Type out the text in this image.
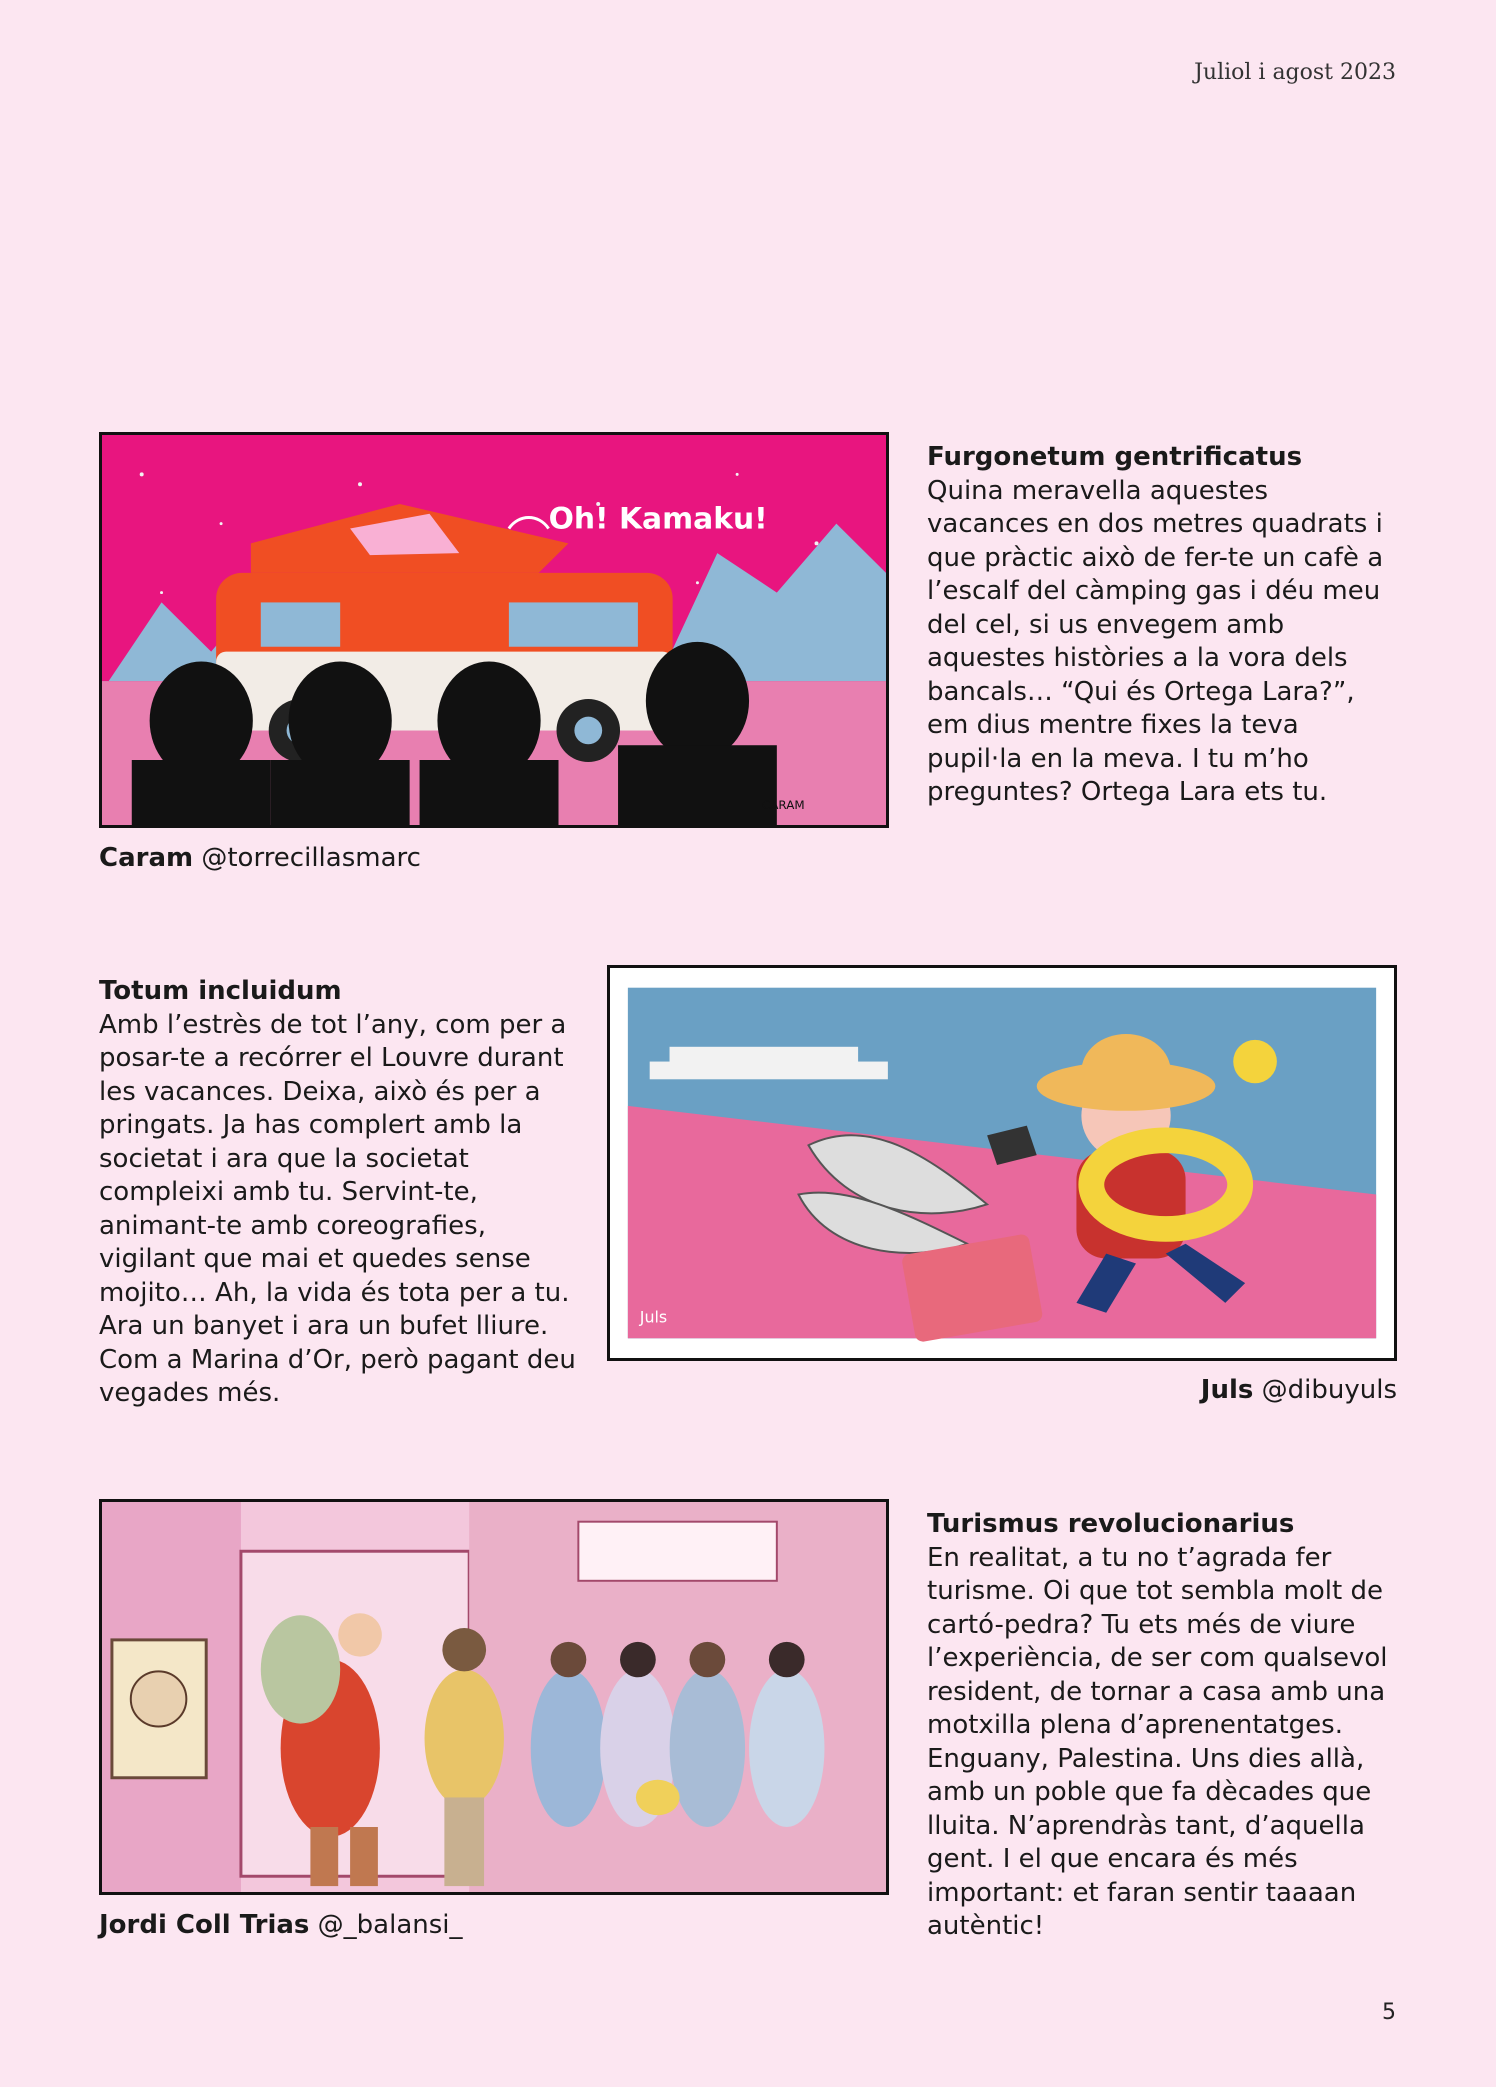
Juliol i agost 2023
Oh! Kamaku!
CARAM
Caram @torrecillasmarc
Furgonetum gentrificatus

Quina meravella aquestes vacances en dos metres quadrats i que pràctic això de fer-te un cafè a l’escalf del càmping gas i déu meu del cel, si us envegem amb aquestes històries a la vora dels bancals… “Qui és Ortega Lara?”, em dius mentre fixes la teva pupil·la en la meva. I tu m’ho preguntes? Ortega Lara ets tu.

Totum incluidum

Amb l’estrès de tot l’any, com per a posar-te a recórrer el Louvre durant les vacances. Deixa, això és per a pringats. Ja has complert amb la societat i ara que la societat compleixi amb tu. Servint-te, animant-te amb coreografies, vigilant que mai et quedes sense mojito… Ah, la vida és tota per a tu. Ara un banyet i ara un bufet lliure. Com a Marina d’Or, però pagant deu vegades més.

Juls
Juls @dibuyuls
Jordi Coll Trias @_balansi_
Turismus revolucionarius

En realitat, a tu no t’agrada fer turisme. Oi que tot sembla molt de cartó-pedra? Tu ets més de viure l’experiència, de ser com qualsevol resident, de tornar a casa amb una motxilla plena d’aprenentatges. Enguany, Palestina. Uns dies allà, amb un poble que fa dècades que lluita. N’aprendràs tant, d’aquella gent. I el que encara és més important: et faran sentir taaaan autèntic!

5
